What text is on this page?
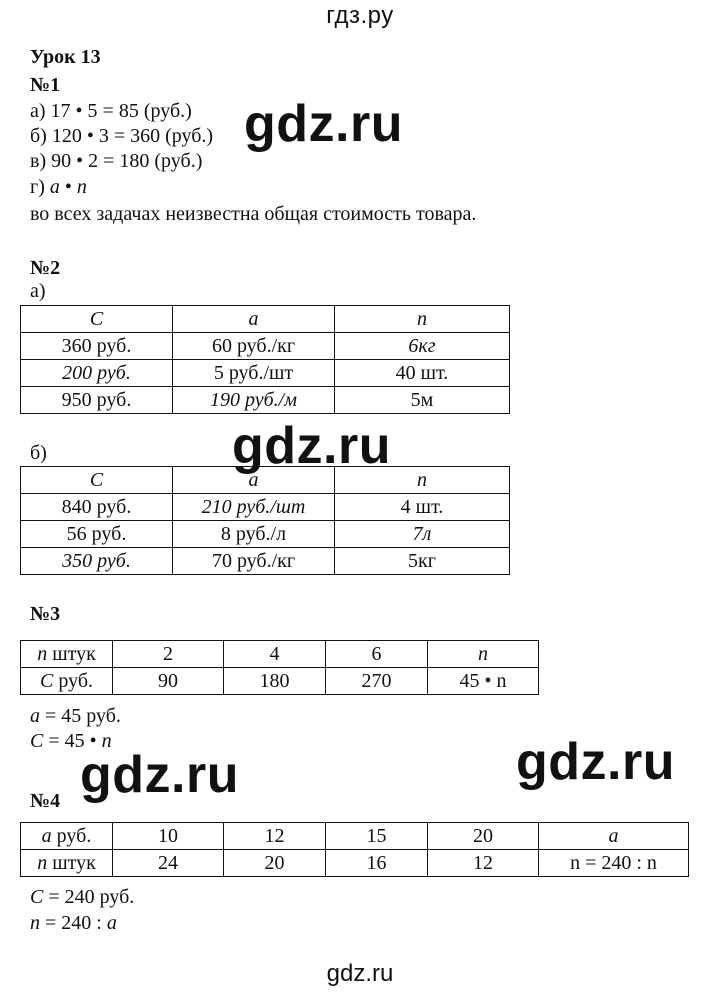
гдз.ру
gdz.ru
gdz.ru
gdz.ru	gdz.ru
Урок 13
№1
а) 17 • 5 = 85 (руб.)
б) 120 • 3 = 360 (руб.)
в) 90 • 2 = 180 (руб.)
г) a • n
во всех задачах неизвестна общая стоимость товара.
№2
а)
C	a	n
360 руб.	60 руб./кг	6кг
200 руб.	5 руб./шт	40 шт.
950 руб.	190 руб./м	5м
б)
C	a	n
840 руб.	210 руб./шт	4 шт.
56 руб.	8 руб./л	7л
350 руб.	70 руб./кг	5кг
№3
n штук	2	4	6	n
C руб.	90	180	270	45 • n
a = 45 руб.
C = 45 • n
№4
a руб.	10	12	15	20	a
n штук	24	20	16	12	n = 240 : n
C = 240 руб.
n = 240 : a
gdz.ru
